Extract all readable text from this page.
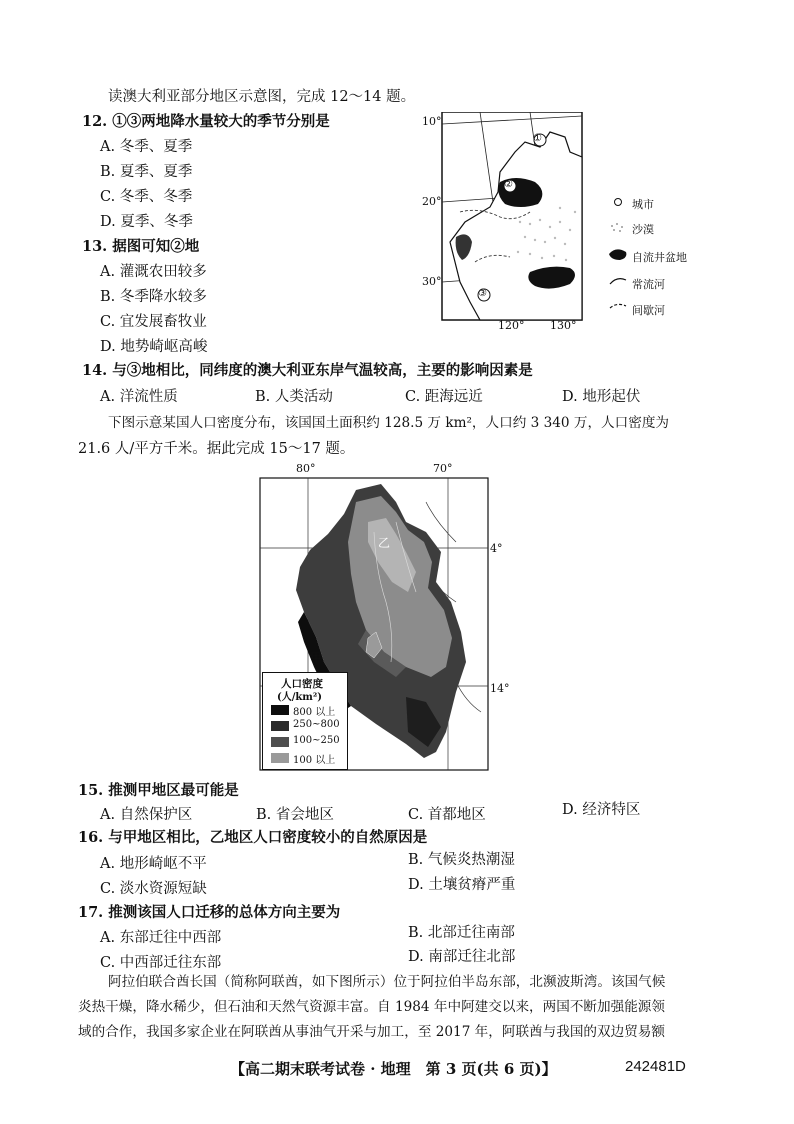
读澳大利亚部分地区示意图，完成 12～14 题。
12. ①③两地降水量较大的季节分别是
A. 冬季、夏季
B. 夏季、夏季
C. 冬季、冬季
D. 夏季、冬季
13. 据图可知②地
A. 灌溉农田较多
B. 冬季降水较多
C. 宜发展畜牧业
D. 地势崎岖高峻
14. 与③地相比，同纬度的澳大利亚东岸气温较高，主要的影响因素是
A. 洋流性质	B. 人类活动	C. 距海远近	D. 地形起伏
下图示意某国人口密度分布，该国国土面积约 128.5 万 km²，人口约 3 340 万，人口密度为
21.6 人/平方千米。据此完成 15～17 题。
①
②
③
10°
20°
30°
120° 130°
城市
沙漠
自流井盆地
常流河
间歇河
80°	70°
4°
14°
乙
甲
人口密度
(人/km²)
800 以上
250~800
100~250
100 以上
15. 推测甲地区最可能是
A. 自然保护区	B. 省会地区	C. 首都地区	D. 经济特区
16. 与甲地区相比，乙地区人口密度较小的自然原因是
A. 地形崎岖不平	B. 气候炎热潮湿
C. 淡水资源短缺	D. 土壤贫瘠严重
17. 推测该国人口迁移的总体方向主要为
A. 东部迁往中西部	B. 北部迁往南部
C. 中西部迁往东部	D. 南部迁往北部
阿拉伯联合酋长国（简称阿联酋，如下图所示）位于阿拉伯半岛东部，北濒波斯湾。该国气候
炎热干燥，降水稀少，但石油和天然气资源丰富。自 1984 年中阿建交以来，两国不断加强能源领
域的合作，我国多家企业在阿联酋从事油气开采与加工，至 2017 年，阿联酋与我国的双边贸易额
【高二期末联考试卷 · 地理　第 3 页(共 6 页)】	242481D
